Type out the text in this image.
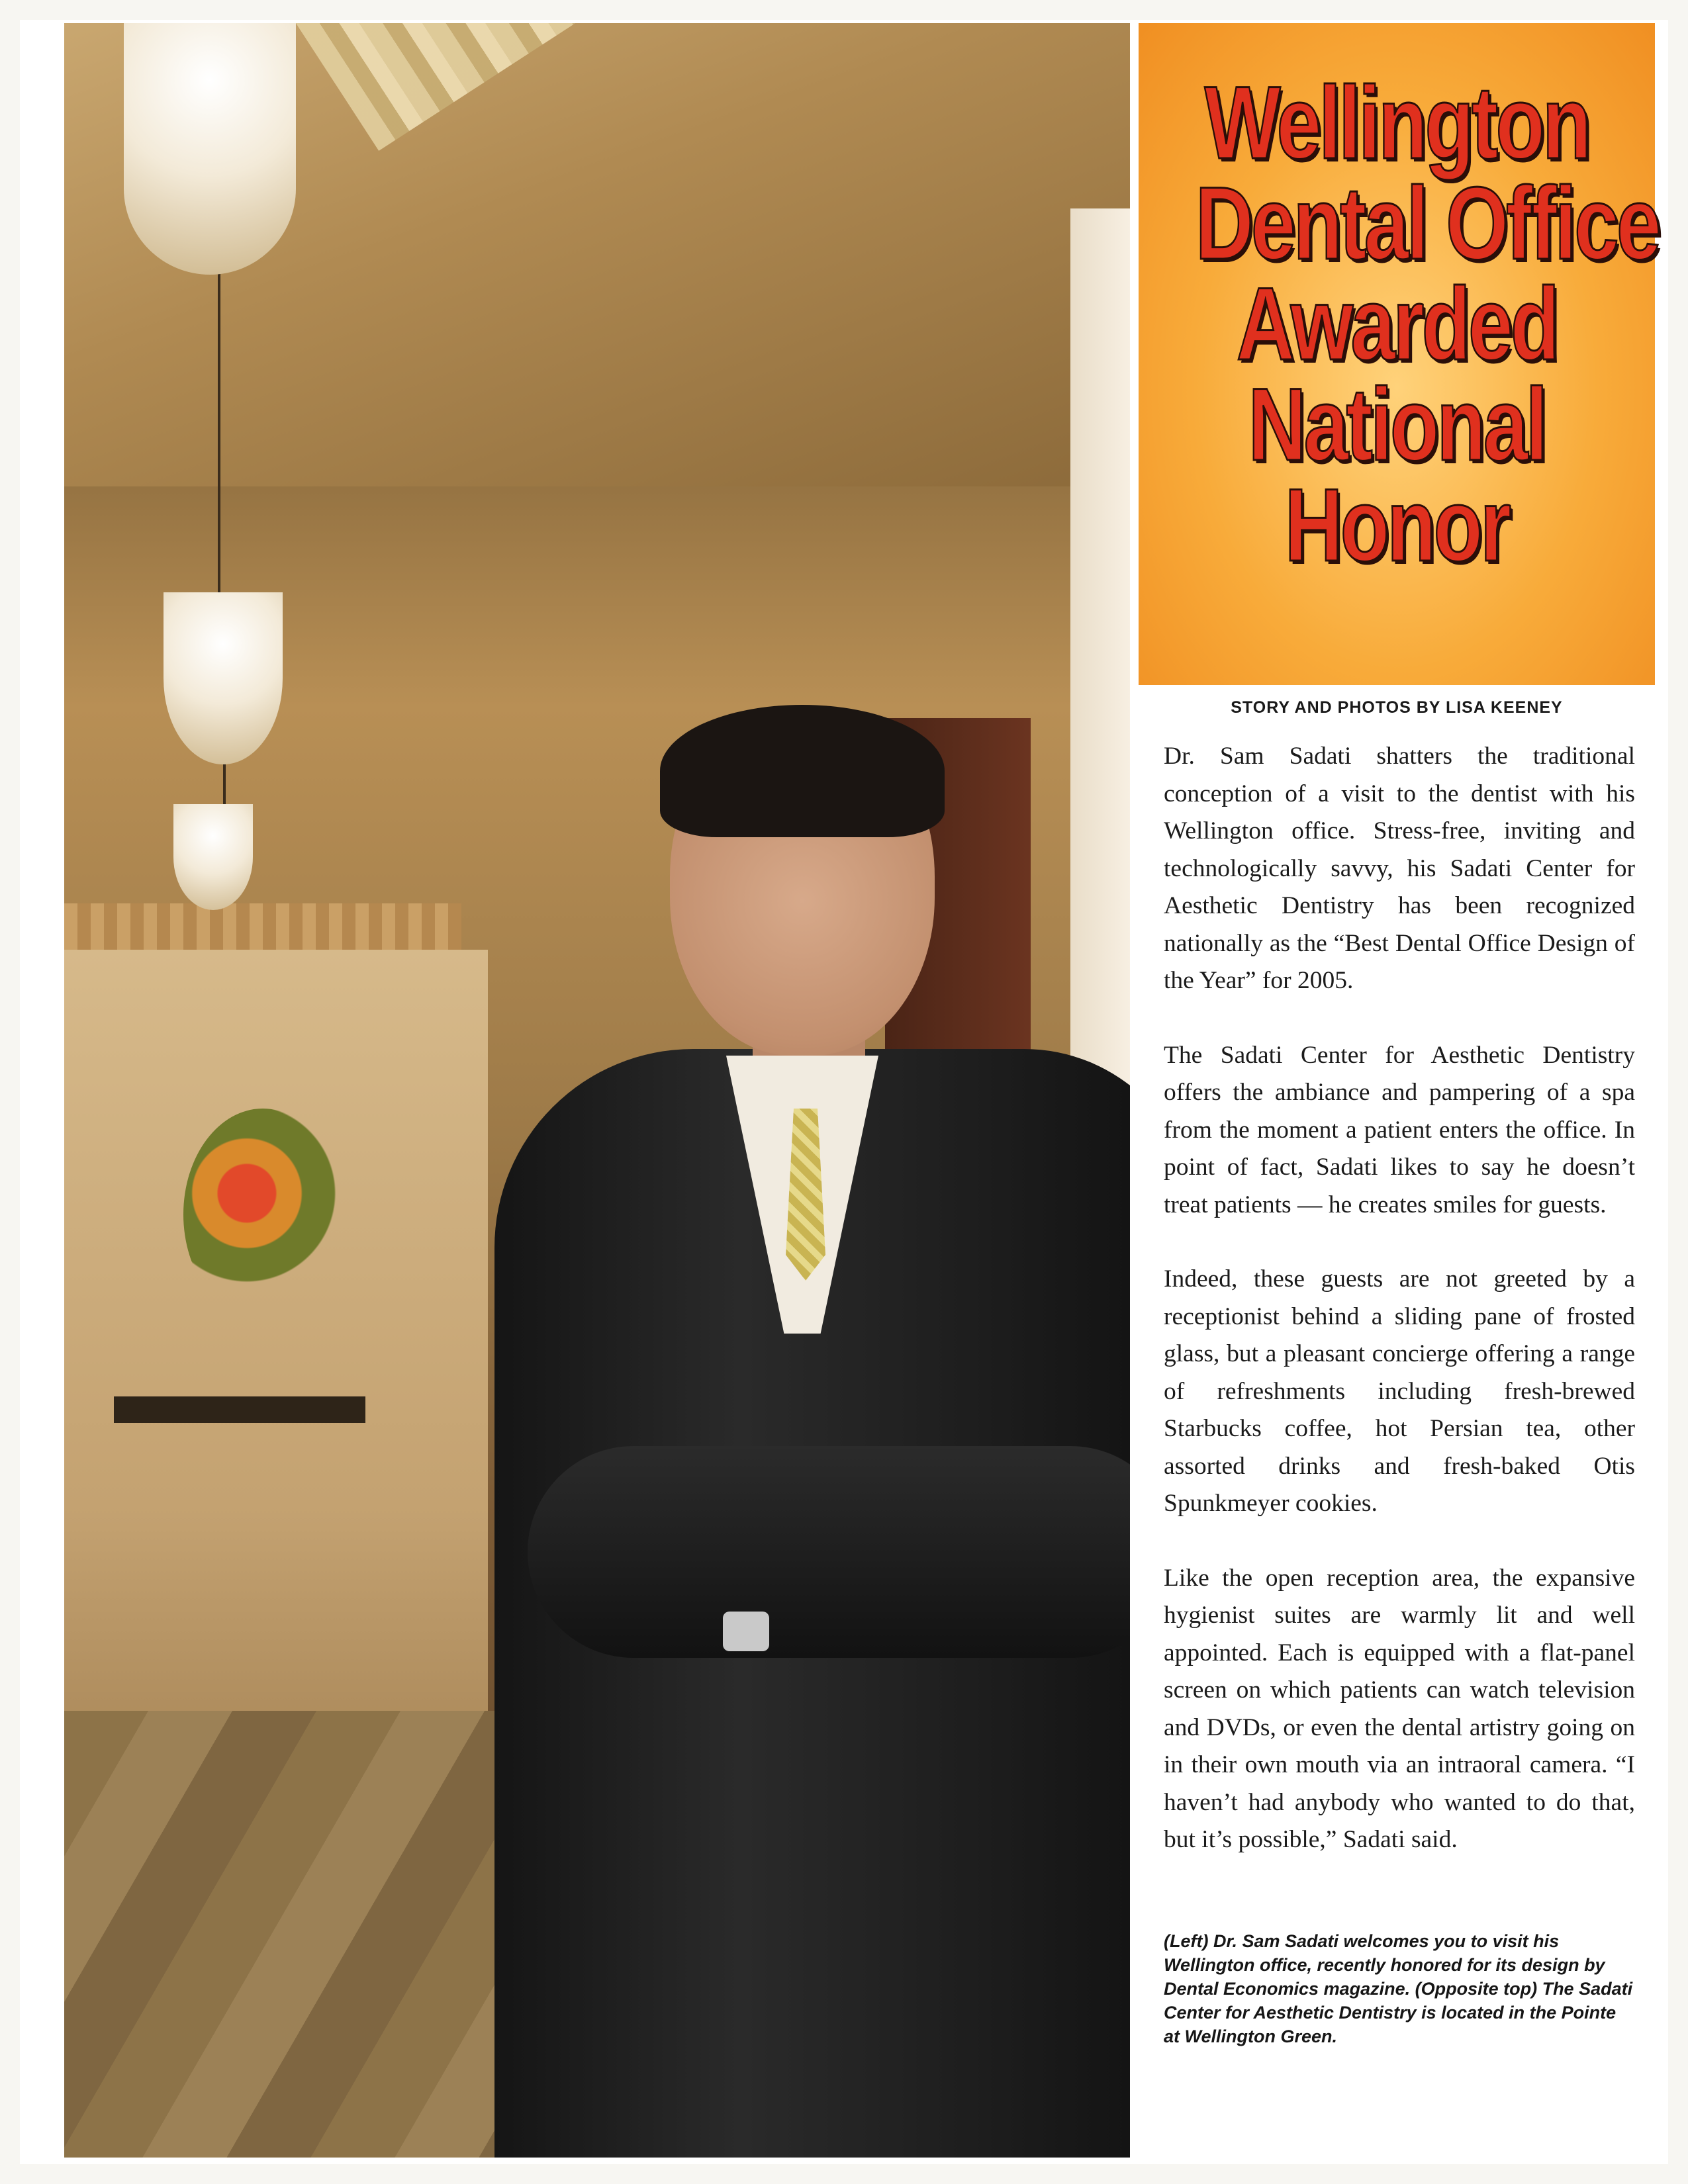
Wellington
Dental Office
Awarded
National
Honor

STORY AND PHOTOS BY LISA KEENEY

Dr. Sam Sadati shatters the traditional conception of a visit to the dentist with his Wellington office. Stress-free, inviting and technologically savvy, his Sadati Center for Aesthetic Dentistry has been recognized nationally as the “Best Dental Office Design of the Year” for 2005.

The Sadati Center for Aesthetic Dentistry offers the ambiance and pampering of a spa from the moment a patient enters the office. In point of fact, Sadati likes to say he doesn’t treat patients — he creates smiles for guests.

Indeed, these guests are not greeted by a receptionist behind a sliding pane of frosted glass, but a pleasant concierge offering a range of refreshments including fresh-brewed Starbucks coffee, hot Persian tea, other assorted drinks and fresh-baked Otis Spunkmeyer cookies.

Like the open reception area, the expansive hygienist suites are warmly lit and well appointed. Each is equipped with a flat-panel screen on which patients can watch television and DVDs, or even the dental artistry going on in their own mouth via an intraoral camera. “I haven’t had anybody who wanted to do that, but it’s possible,” Sadati said.

(Left) Dr. Sam Sadati welcomes you to visit his Wellington office, recently honored for its design by Dental Economics magazine. (Opposite top) The Sadati Center for Aesthetic Dentistry is located in the Pointe at Wellington Green.
